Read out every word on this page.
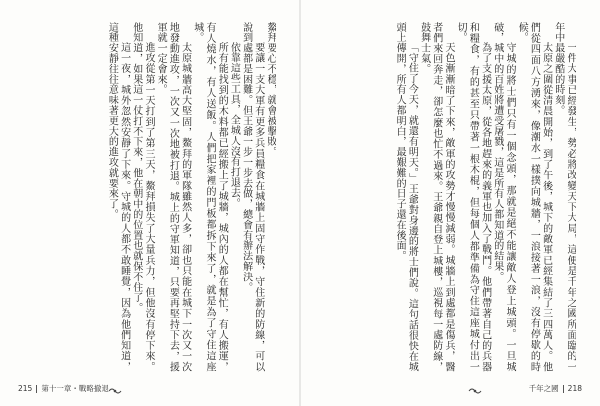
鰲拜要心不穩，就會被擊敗。

要讓一支大軍有更多兵員糧食在城牆上固守作戰，守住新的防線，可以說到處都是困難。但王爺一步一步去做，總會有辦法解決。

依靠這些工具，全城人沒有打退去。

所有能找到的木料都已經搬上了城牆，城內的人都在幫忙，有人搬運，有人燒水，有人送飯。人們把家裡的門板都拆下來了，就是為了守住這座城。

太原城牆高大堅固，鰲拜的軍隊雖然人多，卻也只能在城下一次又一次地發動進攻，一次又一次地被打退。城上的守軍知道，只要再堅持下去，援軍就一定會來。

進攻從第一天打到了第三天，鰲拜損失了大量兵力，但他沒有停下來。他知道，如果這一仗打不下來，他在朝中的位置也就保不住了。

這一夜，城外忽然安靜了下來。守城的人都不敢睡覺，因為他們知道，這種安靜往往意味著更大的進攻就要來了。

215 第十一章・戰略撤退

一件大事已經發生，勢必將改變天下大局，這便是千年之國所面臨的一年中最嚴酷的時刻。

太原之圍從清晨開始，到了午後，城下的敵軍已經集結了三四萬人。他們從四面八方湧來，像潮水一樣撲向城牆，一浪接著一浪，沒有停歇的時候。

守城的將士們只有一個念頭，那就是絕不能讓敵人登上城頭。一旦城破，城中的百姓將遭受屠戮，這是所有人都知道的結果。

為了支援太原，從各地趕來的義軍也加入了戰鬥。他們帶著自己的兵器和糧食，有的甚至只帶著一根木棍，但每個人都準備為守住這座城付出一切。

天色漸漸暗了下來，敵軍的攻勢才慢慢減弱。城牆上到處都是傷兵，醫者們來回奔走，卻怎麼也忙不過來。王爺親自登上城樓，巡視每一處防線，鼓舞士氣。

「守住了今天，就還有明天。」王爺對身邊的將士們說。這句話很快在城頭上傳開，所有人都明白，最艱難的日子還在後面。

千年之國 218
